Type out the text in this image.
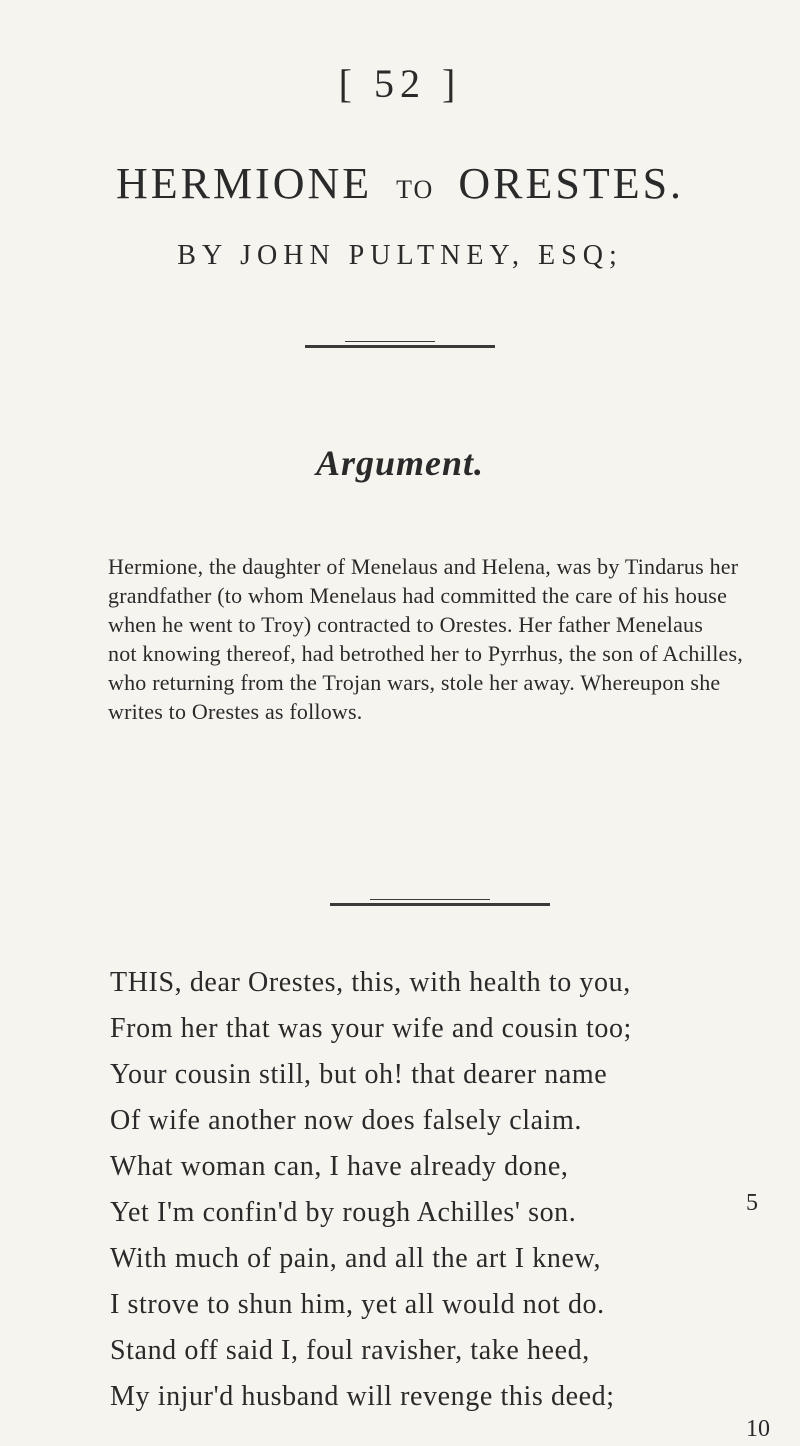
[ 52 ]
HERMIONE TO ORESTES.
BY JOHN PULTNEY, ESQ;
Argument.
Hermione, the daughter of Menelaus and Helena, was by Tindarus her
grandfather (to whom Menelaus had committed the care of his house
when he went to Troy) contracted to Orestes. Her father Menelaus
not knowing thereof, had betrothed her to Pyrrhus, the son of Achilles,
who returning from the Trojan wars, stole her away. Whereupon she
writes to Orestes as follows.
THIS, dear Orestes, this, with health to you,
From her that was your wife and cousin too;
Your cousin still, but oh! that dearer name
Of wife another now does falsely claim.
What woman can, I have already done,
Yet I'm confin'd by rough Achilles' son.
With much of pain, and all the art I knew,
I strove to shun him, yet all would not do.
Stand off said I, foul ravisher, take heed,
My injur'd husband will revenge this deed;
5
10
